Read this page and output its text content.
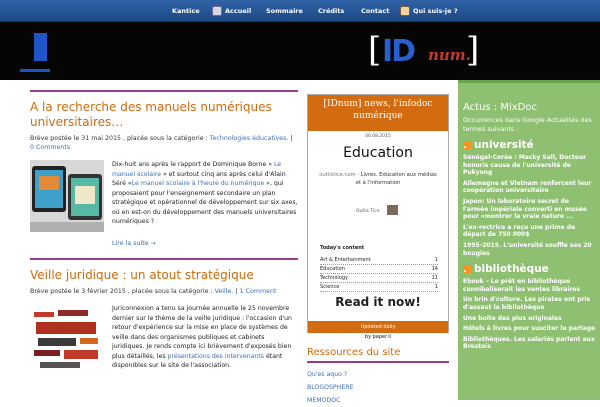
Kantice	Accueil Sommaire Crédits	Contact	Qui suis-je ?
[ ID num.
]
A la recherche des manuels numériques universitaires…
Brève postée le 31 mai 2015 , placée sous la catégorie : Technologies éducatives. | 0 Comments
Dix-huit ans après le rapport de Dominique Borne « Le manuel scolaire » et surtout cinq ans après celui d'Alain Séré «Le manuel scolaire à l'heure du numérique », qui proposaient pour l'enseignement secondaire un plan stratégique et opérationnel de développement sur six axes, où en est-on du développement des manuels universitaires numériques ?
Lire la suite →
Veille juridique : un atout stratégique
Brève postée le 3 février 2015 , placée sous la catégorie : Veille. | 1 Comment
Juriconnexion a tenu sa journée annuelle le 25 novembre dernier sur le thème de la veille juridique : l'occasion d'un retour d'expérience sur la mise en place de systèmes de veille dans des organismes publiques et cabinets juridiques. Je rends compte ici brièvement d'exposés bien plus détaillés, les présentations des intervenants étant disponibles sur le site de l'association.
[IDnum] news, l'infodoc numérique
06.08.2015
Education
outilstice.com · Livres. Education aux médias et à l'information
Outils Tice
Today's content
Art & Entertainment	1
Education	14
Technology	11
Science	1
Read it now!
Updated daily
by paper.li
Ressources du site
Qu'es aquo ?
BLOGOSPHERE
MEMODOC
Actus : MixDoc
Occurrences dans Google Actualités des termes suivants :
université
Sénégal-Corée : Macky Sall, Docteur honoris causa de l'université de Pukyong
Allemagne et Vietnam renforcent leur coopération universitaire
Japon: Un laboratoire secret de l'armée impériale converti en musée pour «montrer la vraie nature ...
L'ex-rectrice a reçu une prime de départ de 750 000$
1995-2015. L'université souffle ses 20 bougies
bibliothèque
Ebook – Le prêt en bibliothèque cannibaliserait les ventes libraires
Un brin d'culture. Les pirates ont pris d'assaut la bibliothèque
Une boite des plus originales
Hôtels à livres pour susciter le partage
Bibliothèques. Les salariés parlent aux Brestois
